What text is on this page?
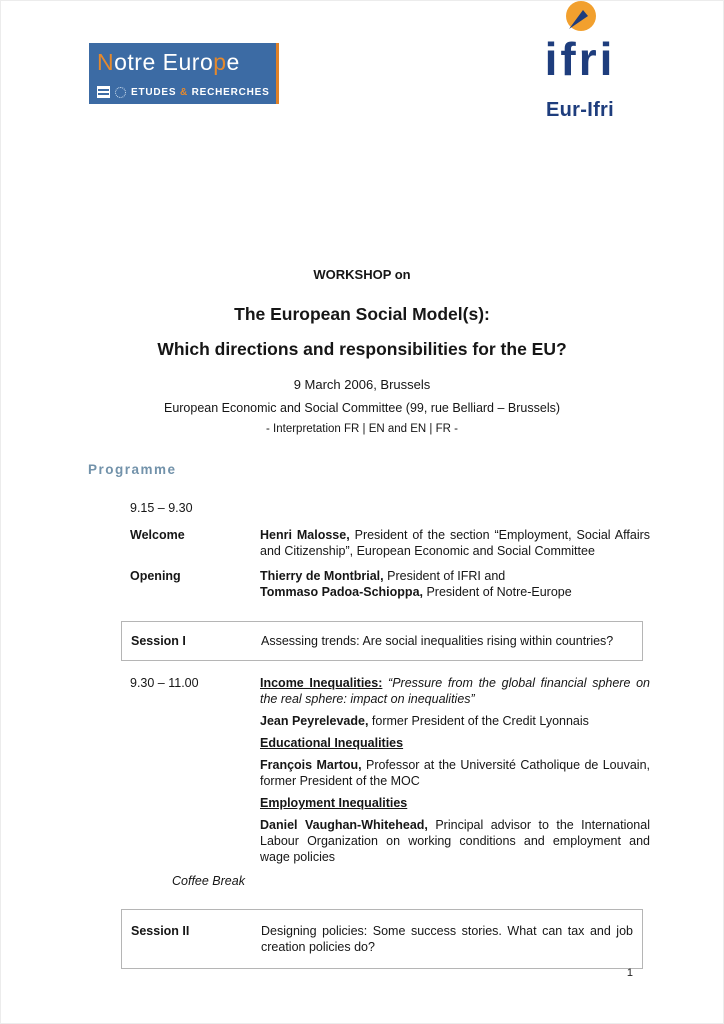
Notre Europe
ETUDES & RECHERCHES
ifri
Eur-Ifri
WORKSHOP on
The European Social Model(s):
Which directions and responsibilities for the EU?
9 March 2006, Brussels
European Economic and Social Committee (99, rue Belliard – Brussels)
- Interpretation FR | EN and EN | FR -
Programme
9.15 – 9.30
Welcome	Henri Malosse, President of the section “Employment, Social Affairs and Citizenship”, European Economic and Social Committee

Opening	Thierry de Montbrial, President of IFRI and
Tommaso Padoa-Schioppa, President of Notre-Europe

Session I	Assessing trends: Are social inequalities rising within countries?
9.30 – 11.00	Income Inequalities: “Pressure from the global financial sphere on the real sphere: impact on inequalities”

Jean Peyrelevade, former President of the Credit Lyonnais

Educational Inequalities

François Martou, Professor at the Université Catholique de Louvain, former President of the MOC

Employment Inequalities

Daniel Vaughan-Whitehead, Principal advisor to the International Labour Organization on working conditions and employment and wage policies

Coffee Break
Session II	Designing policies: Some success stories. What can tax and job creation policies do?
1
